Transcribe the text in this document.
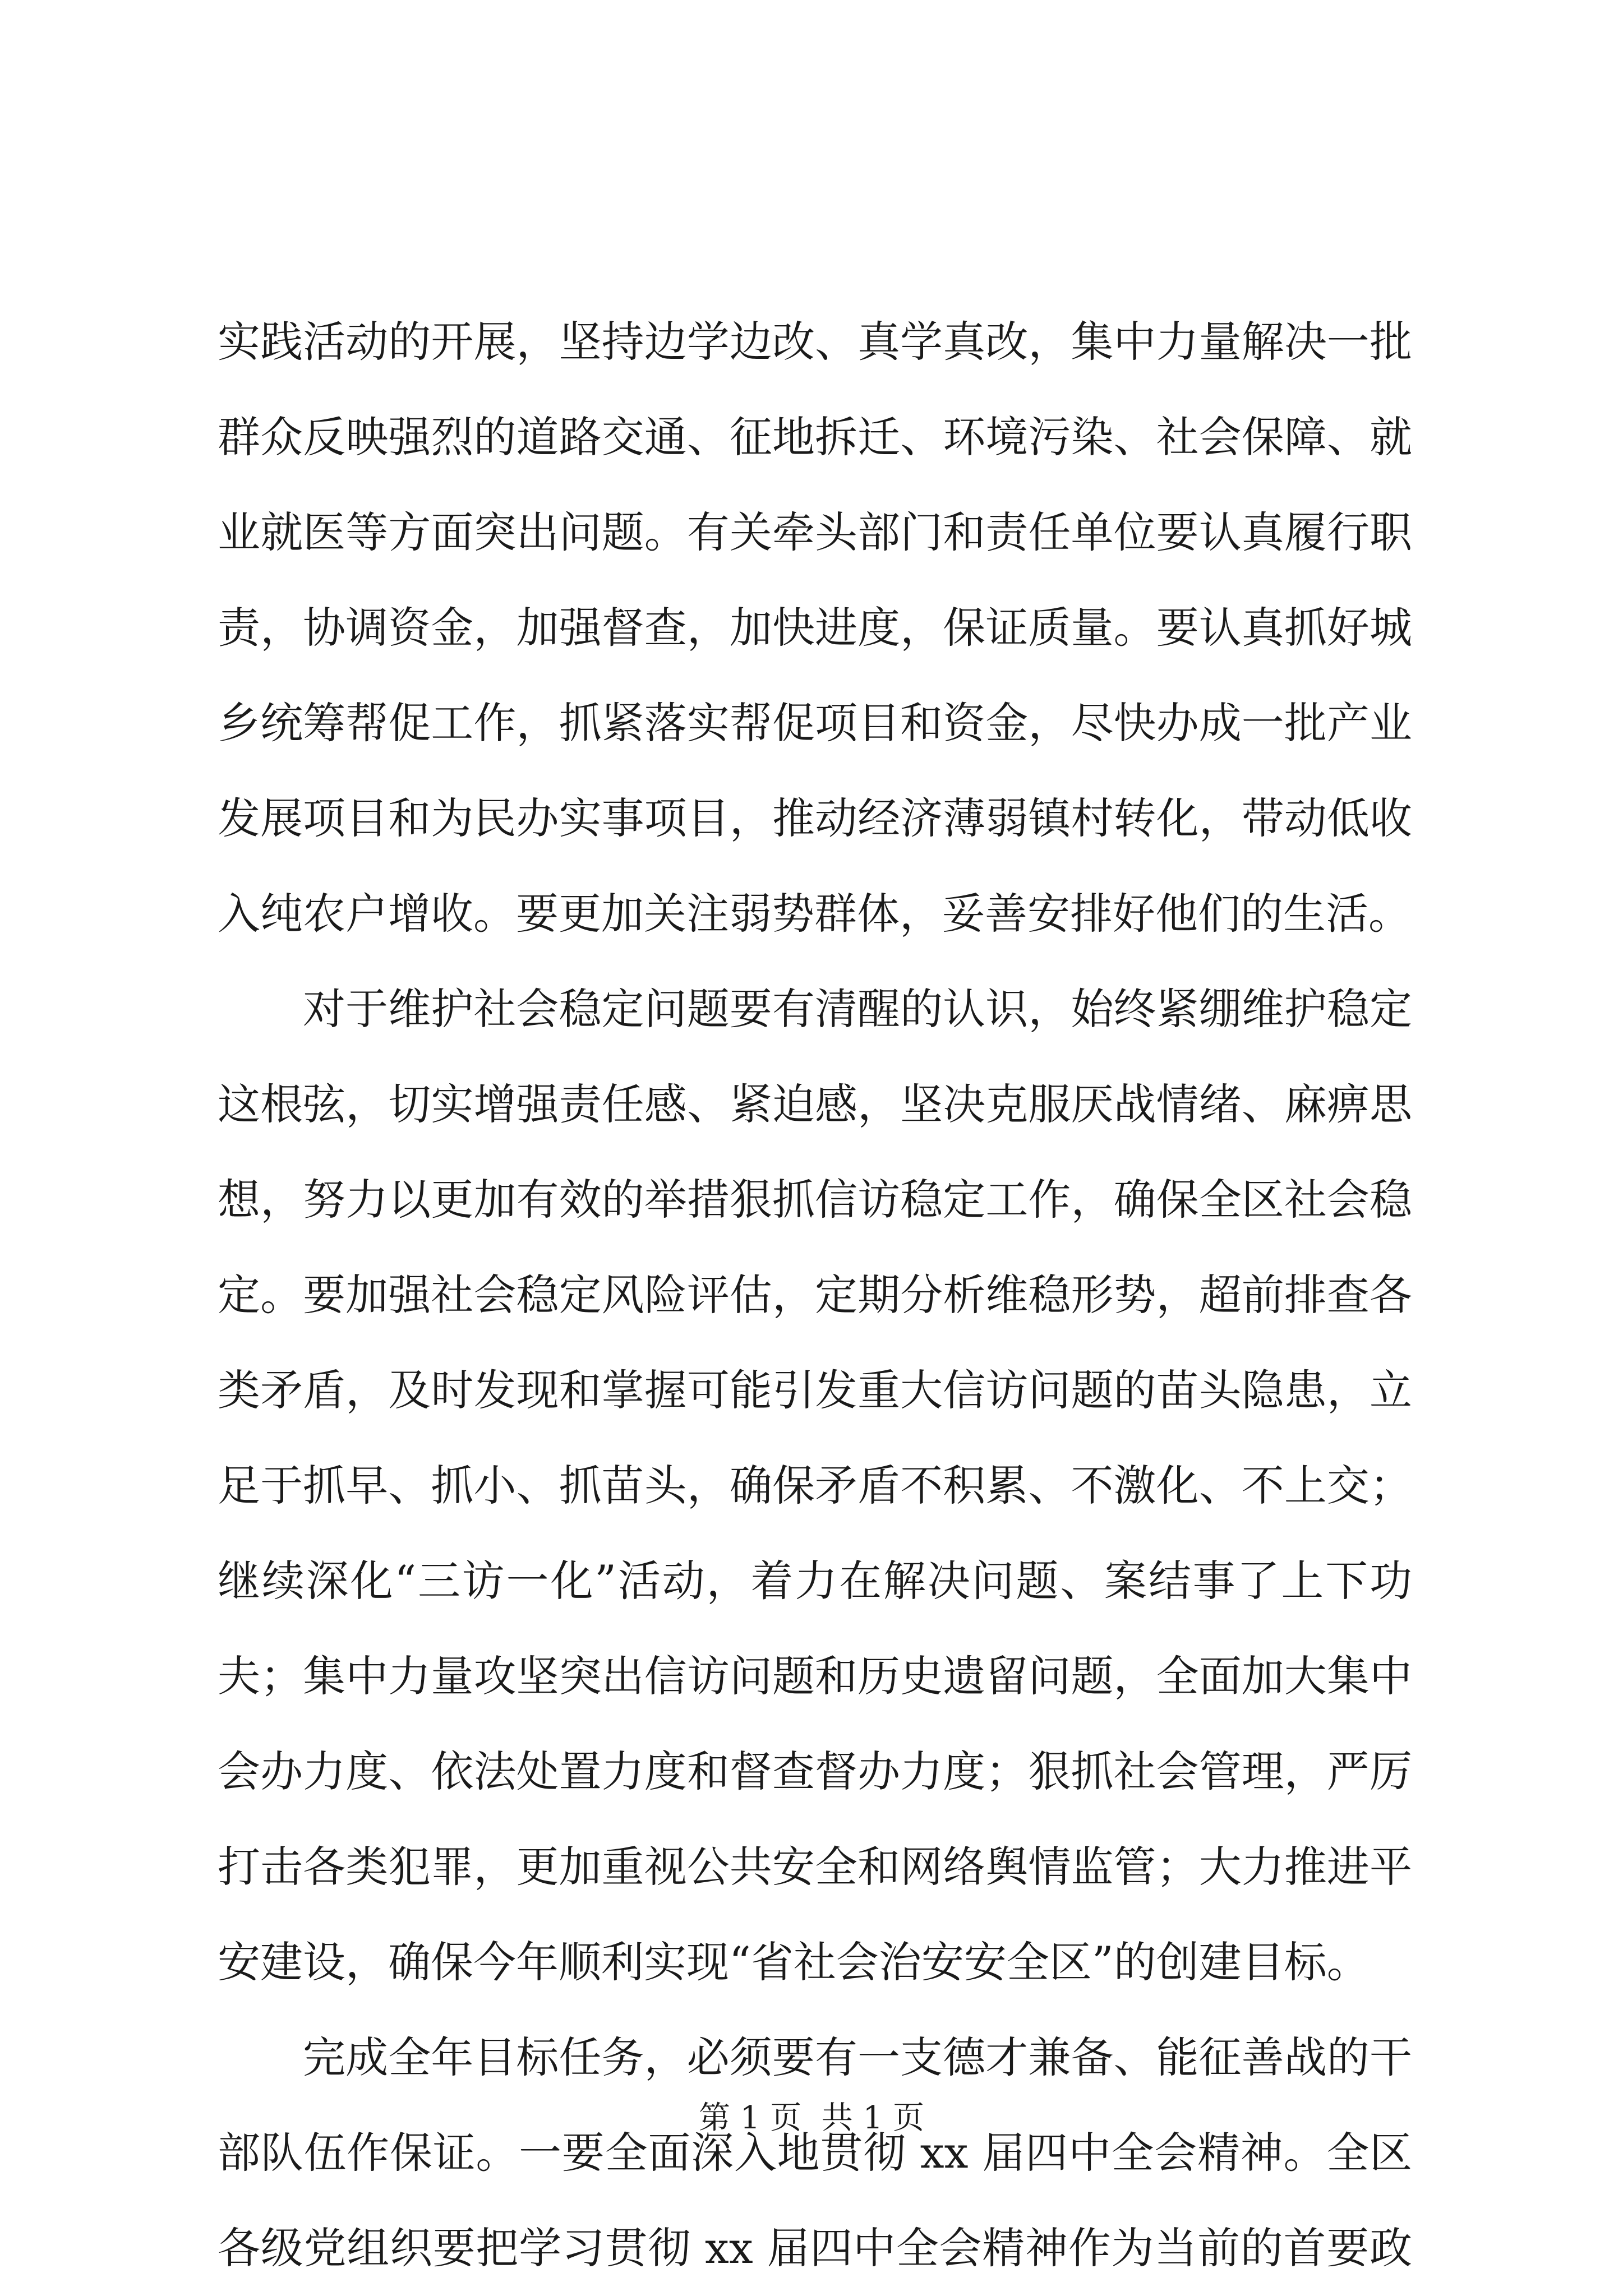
实践活动的开展，坚持边学边改、真学真改，集中力量解决一批
群众反映强烈的道路交通、征地拆迁、环境污染、社会保障、就
业就医等方面突出问题。有关牵头部门和责任单位要认真履行职
责，协调资金，加强督查，加快进度，保证质量。要认真抓好城
乡统筹帮促工作，抓紧落实帮促项目和资金，尽快办成一批产业
发展项目和为民办实事项目，推动经济薄弱镇村转化，带动低收
入纯农户增收。要更加关注弱势群体，妥善安排好他们的生活。
对于维护社会稳定问题要有清醒的认识，始终紧绷维护稳定
这根弦，切实增强责任感、紧迫感，坚决克服厌战情绪、麻痹思
想，努力以更加有效的举措狠抓信访稳定工作，确保全区社会稳
定。要加强社会稳定风险评估，定期分析维稳形势，超前排查各
类矛盾，及时发现和掌握可能引发重大信访问题的苗头隐患，立
足于抓早、抓小、抓苗头，确保矛盾不积累、不激化、不上交；
继续深化“三访一化”活动，着力在解决问题、案结事了上下功
夫；集中力量攻坚突出信访问题和历史遗留问题，全面加大集中
会办力度、依法处置力度和督查督办力度；狠抓社会管理，严厉
打击各类犯罪，更加重视公共安全和网络舆情监管；大力推进平
安建设，确保今年顺利实现“省社会治安安全区”的创建目标。
完成全年目标任务，必须要有一支德才兼备、能征善战的干
部队伍作保证。一要全面深入地贯彻 xx 届四中全会精神。全区
各级党组织要把学习贯彻 xx 届四中全会精神作为当前的首要政
第 1 页  共 1 页
